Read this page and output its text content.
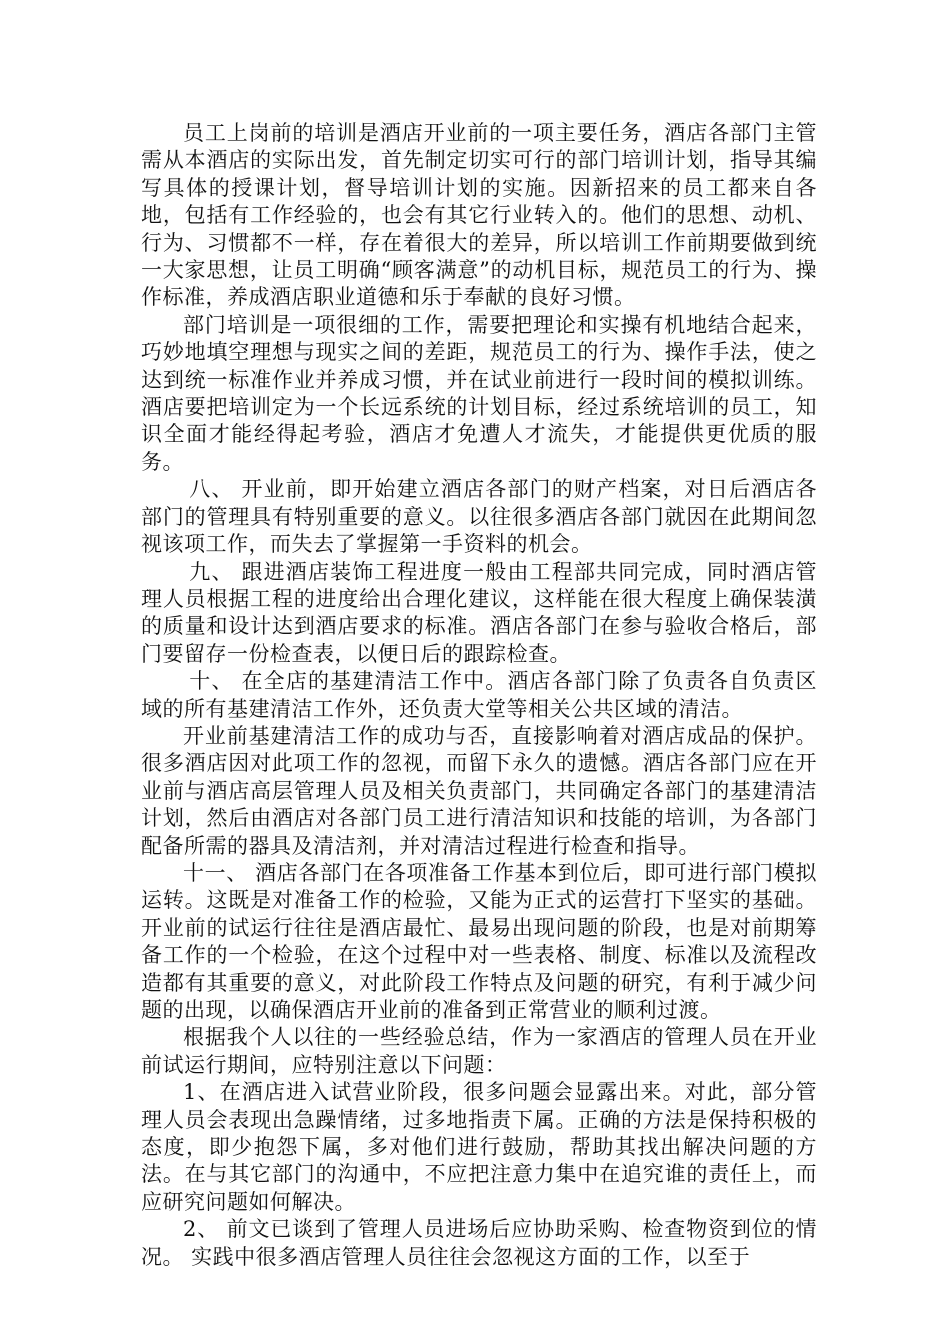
员工上岗前的培训是酒店开业前的一项主要任务，酒店各部门主管需从本酒店的实际出发，首先制定切实可行的部门培训计划，指导其编写具体的授课计划，督导培训计划的实施。因新招来的员工都来自各地，包括有工作经验的，也会有其它行业转入的。他们的思想、动机、行为、习惯都不一样，存在着很大的差异，所以培训工作前期要做到统一大家思想，让员工明确“顾客满意”的动机目标，规范员工的行为、操作标准，养成酒店职业道德和乐于奉献的良好习惯。

部门培训是一项很细的工作，需要把理论和实操有机地结合起来，巧妙地填空理想与现实之间的差距，规范员工的行为、操作手法，使之达到统一标准作业并养成习惯，并在试业前进行一段时间的模拟训练。酒店要把培训定为一个长远系统的计划目标，经过系统培训的员工，知识全面才能经得起考验，酒店才免遭人才流失，才能提供更优质的服务。

八、 开业前，即开始建立酒店各部门的财产档案，对日后酒店各部门的管理具有特别重要的意义。以往很多酒店各部门就因在此期间忽视该项工作，而失去了掌握第一手资料的机会。

九、 跟进酒店装饰工程进度一般由工程部共同完成，同时酒店管理人员根据工程的进度给出合理化建议，这样能在很大程度上确保装潢的质量和设计达到酒店要求的标准。酒店各部门在参与验收合格后，部门要留存一份检查表，以便日后的跟踪检查。

十、 在全店的基建清洁工作中。酒店各部门除了负责各自负责区域的所有基建清洁工作外，还负责大堂等相关公共区域的清洁。

开业前基建清洁工作的成功与否，直接影响着对酒店成品的保护。很多酒店因对此项工作的忽视，而留下永久的遗憾。酒店各部门应在开业前与酒店高层管理人员及相关负责部门，共同确定各部门的基建清洁计划，然后由酒店对各部门员工进行清洁知识和技能的培训，为各部门配备所需的器具及清洁剂，并对清洁过程进行检查和指导。

十一、 酒店各部门在各项准备工作基本到位后，即可进行部门模拟运转。这既是对准备工作的检验，又能为正式的运营打下坚实的基础。开业前的试运行往往是酒店最忙、最易出现问题的阶段，也是对前期筹备工作的一个检验，在这个过程中对一些表格、制度、标准以及流程改造都有其重要的意义，对此阶段工作特点及问题的研究，有利于减少问题的出现，以确保酒店开业前的准备到正常营业的顺利过渡。

根据我个人以往的一些经验总结，作为一家酒店的管理人员在开业前试运行期间，应特别注意以下问题：

1、在酒店进入试营业阶段，很多问题会显露出来。对此，部分管理人员会表现出急躁情绪，过多地指责下属。正确的方法是保持积极的态度，即少抱怨下属，多对他们进行鼓励，帮助其找出解决问题的方法。在与其它部门的沟通中，不应把注意力集中在追究谁的责任上，而应研究问题如何解决。

2、 前文已谈到了管理人员进场后应协助采购、检查物资到位的情况。 实践中很多酒店管理人员往往会忽视这方面的工作，以至于
